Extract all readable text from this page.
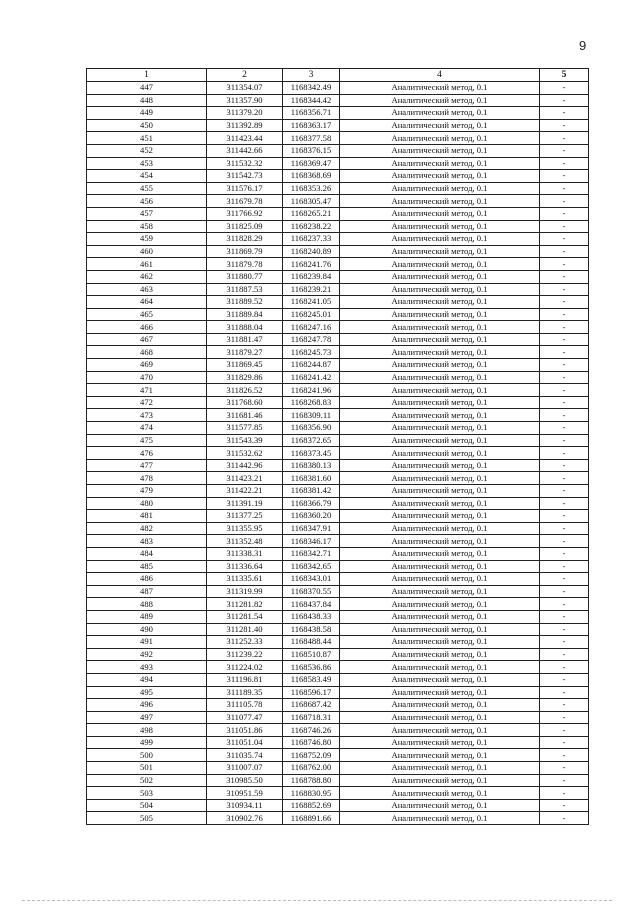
9
1	2	3	4	5
447	311354.07	1168342.49	Аналитический метод, 0.1	-
448	311357.90	1168344.42	Аналитический метод, 0.1	-
449	311379.20	1168356.71	Аналитический метод, 0.1	-
450	311392.89	1168363.17	Аналитический метод, 0.1	-
451	311423.44	1168377.58	Аналитический метод, 0.1	-
452	311442.66	1168376.15	Аналитический метод, 0.1	-
453	311532.32	1168369.47	Аналитический метод, 0.1	-
454	311542.73	1168368.69	Аналитический метод, 0.1	-
455	311576.17	1168353.26	Аналитический метод, 0.1	-
456	311679.78	1168305.47	Аналитический метод, 0.1	-
457	311766.92	1168265.21	Аналитический метод, 0.1	-
458	311825.09	1168238.22	Аналитический метод, 0.1	-
459	311828.29	1168237.33	Аналитический метод, 0.1	-
460	311869.79	1168240.89	Аналитический метод, 0.1	-
461	311879.78	1168241.76	Аналитический метод, 0.1	-
462	311880.77	1168239.84	Аналитический метод, 0.1	-
463	311887.53	1168239.21	Аналитический метод, 0.1	-
464	311889.52	1168241.05	Аналитический метод, 0.1	-
465	311889.84	1168245.01	Аналитический метод, 0.1	-
466	311888.04	1168247.16	Аналитический метод, 0.1	-
467	311881.47	1168247.78	Аналитический метод, 0.1	-
468	311879.27	1168245.73	Аналитический метод, 0.1	-
469	311869.45	1168244.87	Аналитический метод, 0.1	-
470	311829.86	1168241.42	Аналитический метод, 0.1	-
471	311826.52	1168241.96	Аналитический метод, 0.1	-
472	311768.60	1168268.83	Аналитический метод, 0.1	-
473	311681.46	1168309.11	Аналитический метод, 0.1	-
474	311577.85	1168356.90	Аналитический метод, 0.1	-
475	311543.39	1168372.65	Аналитический метод, 0.1	-
476	311532.62	1168373.45	Аналитический метод, 0.1	-
477	311442.96	1168380.13	Аналитический метод, 0.1	-
478	311423.21	1168381.60	Аналитический метод, 0.1	-
479	311422.21	1168381.42	Аналитический метод, 0.1	-
480	311391.19	1168366.79	Аналитический метод, 0.1	-
481	311377.25	1168360.20	Аналитический метод, 0.1	-
482	311355.95	1168347.91	Аналитический метод, 0.1	-
483	311352.48	1168346.17	Аналитический метод, 0.1	-
484	311338.31	1168342.71	Аналитический метод, 0.1	-
485	311336.64	1168342.65	Аналитический метод, 0.1	-
486	311335.61	1168343.01	Аналитический метод, 0.1	-
487	311319.99	1168370.55	Аналитический метод, 0.1	-
488	311281.82	1168437.84	Аналитический метод, 0.1	-
489	311281.54	1168438.33	Аналитический метод, 0.1	-
490	311281.40	1168438.58	Аналитический метод, 0.1	-
491	311252.33	1168488.44	Аналитический метод, 0.1	-
492	311239.22	1168510.87	Аналитический метод, 0.1	-
493	311224.02	1168536.86	Аналитический метод, 0.1	-
494	311196.81	1168583.49	Аналитический метод, 0.1	-
495	311189.35	1168596.17	Аналитический метод, 0.1	-
496	311105.78	1168687.42	Аналитический метод, 0.1	-
497	311077.47	1168718.31	Аналитический метод, 0.1	-
498	311051.86	1168746.26	Аналитический метод, 0.1	-
499	311051.04	1168746.80	Аналитический метод, 0.1	-
500	311035.74	1168752.09	Аналитический метод, 0.1	-
501	311007.07	1168762.00	Аналитический метод, 0.1	-
502	310985.50	1168788.80	Аналитический метод, 0.1	-
503	310951.59	1168830.95	Аналитический метод, 0.1	-
504	310934.11	1168852.69	Аналитический метод, 0.1	-
505	310902.76	1168891.66	Аналитический метод, 0.1	-
